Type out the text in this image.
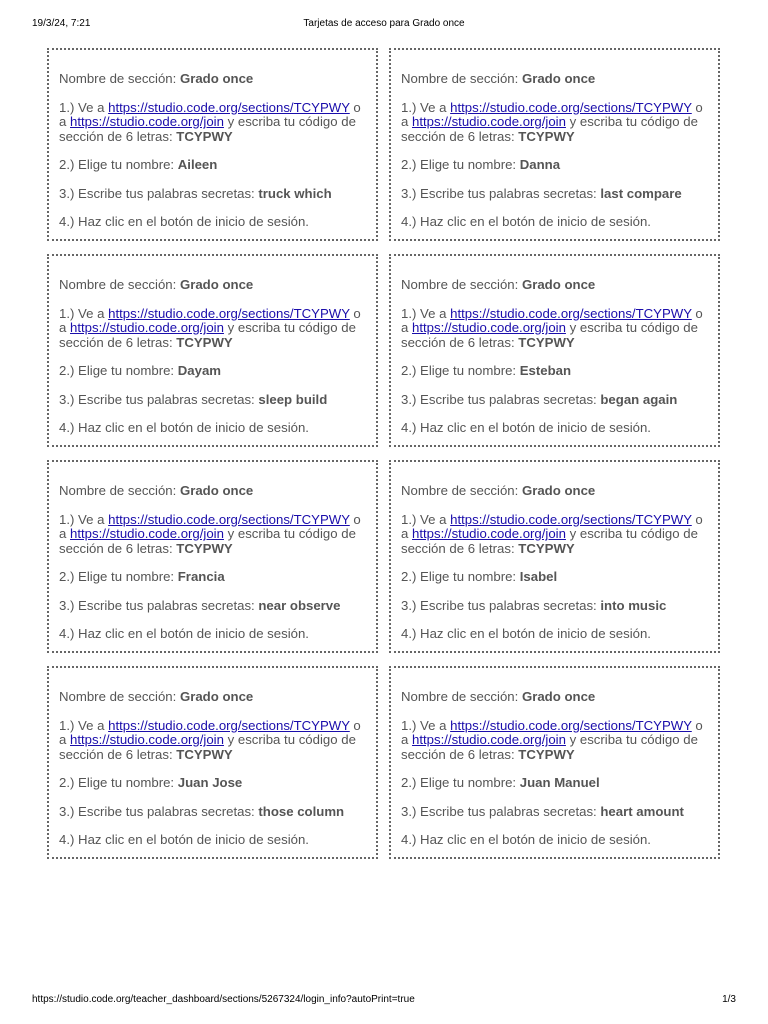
19/3/24, 7:21	Tarjetas de acceso para Grado once

Nombre de sección: Grado once

1.) Ve a https://studio.code.org/sections/TCYPWY o a https://studio.code.org/join y escriba tu código de sección de 6 letras: TCYPWY

2.) Elige tu nombre: Aileen

3.) Escribe tus palabras secretas: truck which

4.) Haz clic en el botón de inicio de sesión.

Nombre de sección: Grado once

1.) Ve a https://studio.code.org/sections/TCYPWY o a https://studio.code.org/join y escriba tu código de sección de 6 letras: TCYPWY

2.) Elige tu nombre: Danna

3.) Escribe tus palabras secretas: last compare

4.) Haz clic en el botón de inicio de sesión.

Nombre de sección: Grado once

1.) Ve a https://studio.code.org/sections/TCYPWY o a https://studio.code.org/join y escriba tu código de sección de 6 letras: TCYPWY

2.) Elige tu nombre: Dayam

3.) Escribe tus palabras secretas: sleep build

4.) Haz clic en el botón de inicio de sesión.

Nombre de sección: Grado once

1.) Ve a https://studio.code.org/sections/TCYPWY o a https://studio.code.org/join y escriba tu código de sección de 6 letras: TCYPWY

2.) Elige tu nombre: Esteban

3.) Escribe tus palabras secretas: began again

4.) Haz clic en el botón de inicio de sesión.

Nombre de sección: Grado once

1.) Ve a https://studio.code.org/sections/TCYPWY o a https://studio.code.org/join y escriba tu código de sección de 6 letras: TCYPWY

2.) Elige tu nombre: Francia

3.) Escribe tus palabras secretas: near observe

4.) Haz clic en el botón de inicio de sesión.

Nombre de sección: Grado once

1.) Ve a https://studio.code.org/sections/TCYPWY o a https://studio.code.org/join y escriba tu código de sección de 6 letras: TCYPWY

2.) Elige tu nombre: Isabel

3.) Escribe tus palabras secretas: into music

4.) Haz clic en el botón de inicio de sesión.

Nombre de sección: Grado once

1.) Ve a https://studio.code.org/sections/TCYPWY o a https://studio.code.org/join y escriba tu código de sección de 6 letras: TCYPWY

2.) Elige tu nombre: Juan Jose

3.) Escribe tus palabras secretas: those column

4.) Haz clic en el botón de inicio de sesión.

Nombre de sección: Grado once

1.) Ve a https://studio.code.org/sections/TCYPWY o a https://studio.code.org/join y escriba tu código de sección de 6 letras: TCYPWY

2.) Elige tu nombre: Juan Manuel

3.) Escribe tus palabras secretas: heart amount

4.) Haz clic en el botón de inicio de sesión.

https://studio.code.org/teacher_dashboard/sections/5267324/login_info?autoPrint=true	1/3
